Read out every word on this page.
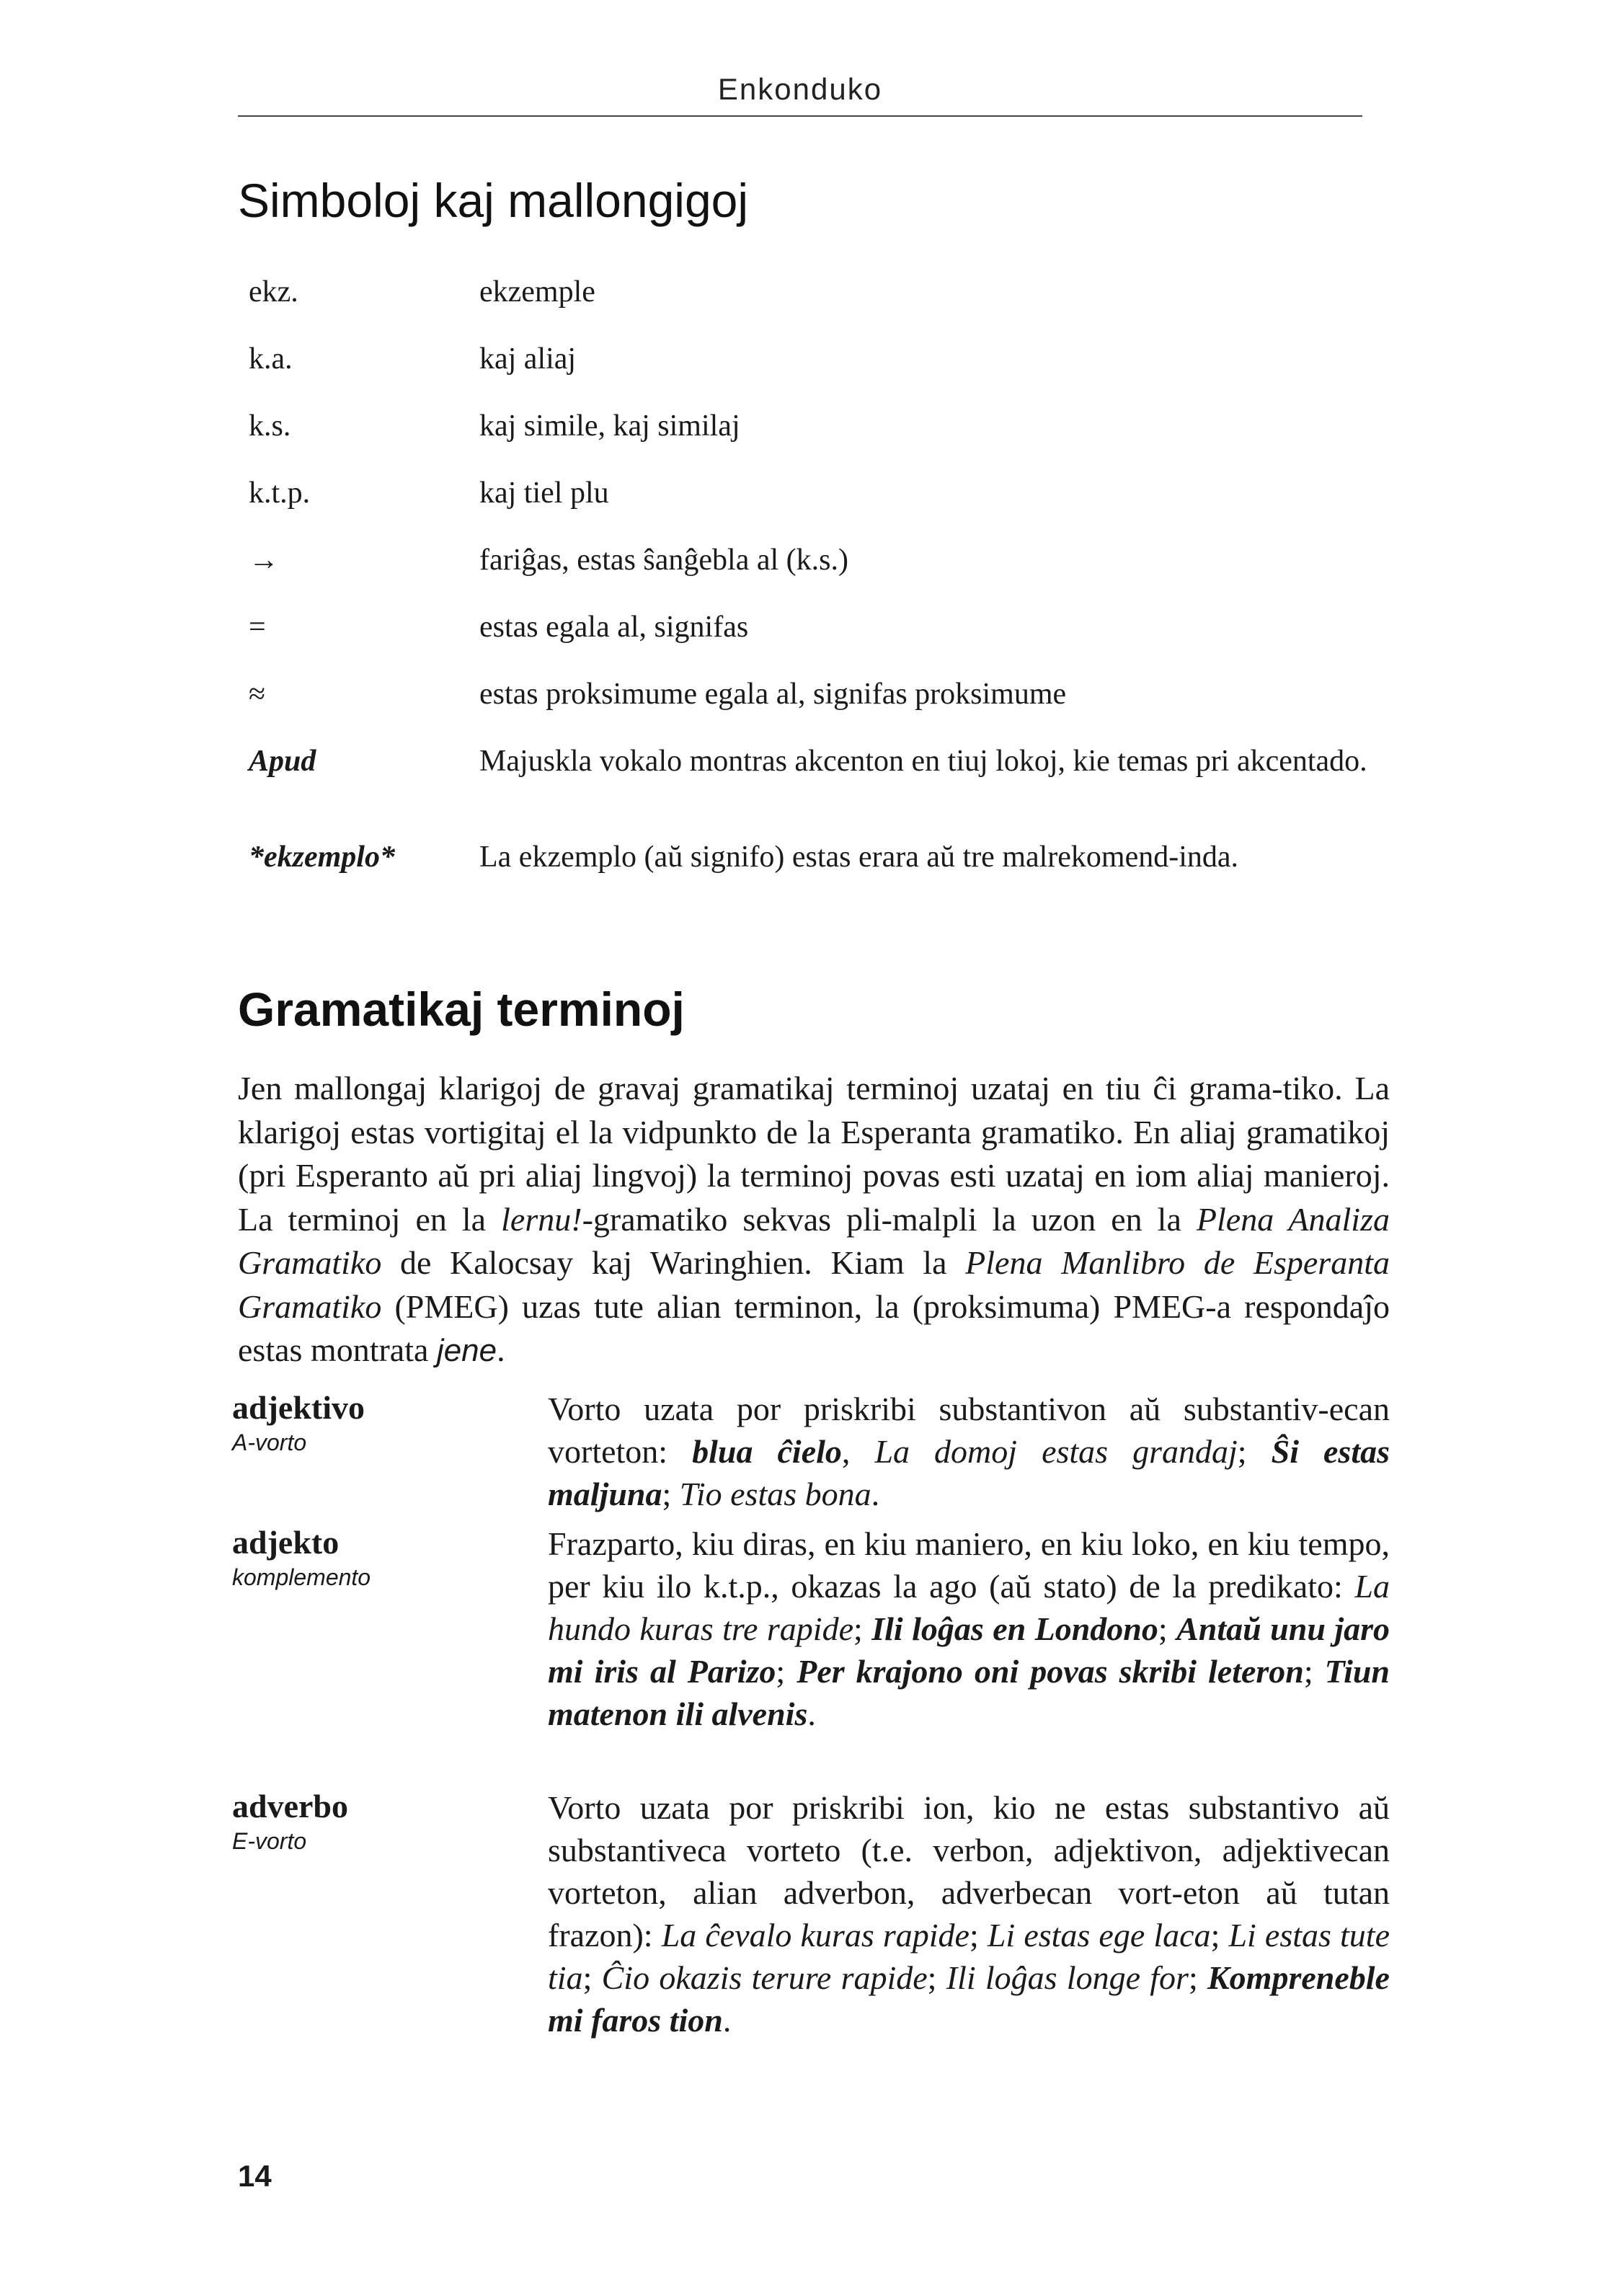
Enkonduko
Simboloj kaj mallongigoj
ekz.	ekzemple
k.a.	kaj aliaj
k.s.	kaj simile, kaj similaj
k.t.p.	kaj tiel plu
→	fariĝas, estas ŝanĝebla al (k.s.)
=	estas egala al, signifas
≈	estas proksimume egala al, signifas proksimume
Apud	Majuskla vokalo montras akcenton en tiuj lokoj, kie temas pri akcentado.
*ekzemplo*	La ekzemplo (aŭ signifo) estas erara aŭ tre malrekomend-inda.
Gramatikaj terminoj

Jen mallongaj klarigoj de gravaj gramatikaj terminoj uzataj en tiu ĉi grama-tiko. La klarigoj estas vortigitaj el la vidpunkto de la Esperanta gramatiko. En aliaj gramatikoj (pri Esperanto aŭ pri aliaj lingvoj) la terminoj povas esti uzataj en iom aliaj manieroj. La terminoj en la lernu!-gramatiko sekvas pli-malpli la uzon en la Plena Analiza Gramatiko de Kalocsay kaj Waringhien. Kiam la Plena Manlibro de Esperanta Gramatiko (PMEG) uzas tute alian terminon, la (proksimuma) PMEG-a respondaĵo estas montrata jene.

adjektivo
A-vorto
Vorto uzata por priskribi substantivon aŭ substantiv-ecan vorteton: blua ĉielo, La domoj estas grandaj; Ŝi estas maljuna; Tio estas bona.
adjekto
komplemento
Frazparto, kiu diras, en kiu maniero, en kiu loko, en kiu tempo, per kiu ilo k.t.p., okazas la ago (aŭ stato) de la predikato: La hundo kuras tre rapide; Ili loĝas en Londono; Antaŭ unu jaro mi iris al Parizo; Per krajono oni povas skribi leteron; Tiun matenon ili alvenis.
adverbo
E-vorto
Vorto uzata por priskribi ion, kio ne estas substantivo aŭ substantiveca vorteto (t.e. verbon, adjektivon, adjektivecan vorteton, alian adverbon, adverbecan vort-eton aŭ tutan frazon): La ĉevalo kuras rapide; Li estas ege laca; Li estas tute tia; Ĉio okazis terure rapide; Ili loĝas longe for; Kompreneble mi faros tion.
14
